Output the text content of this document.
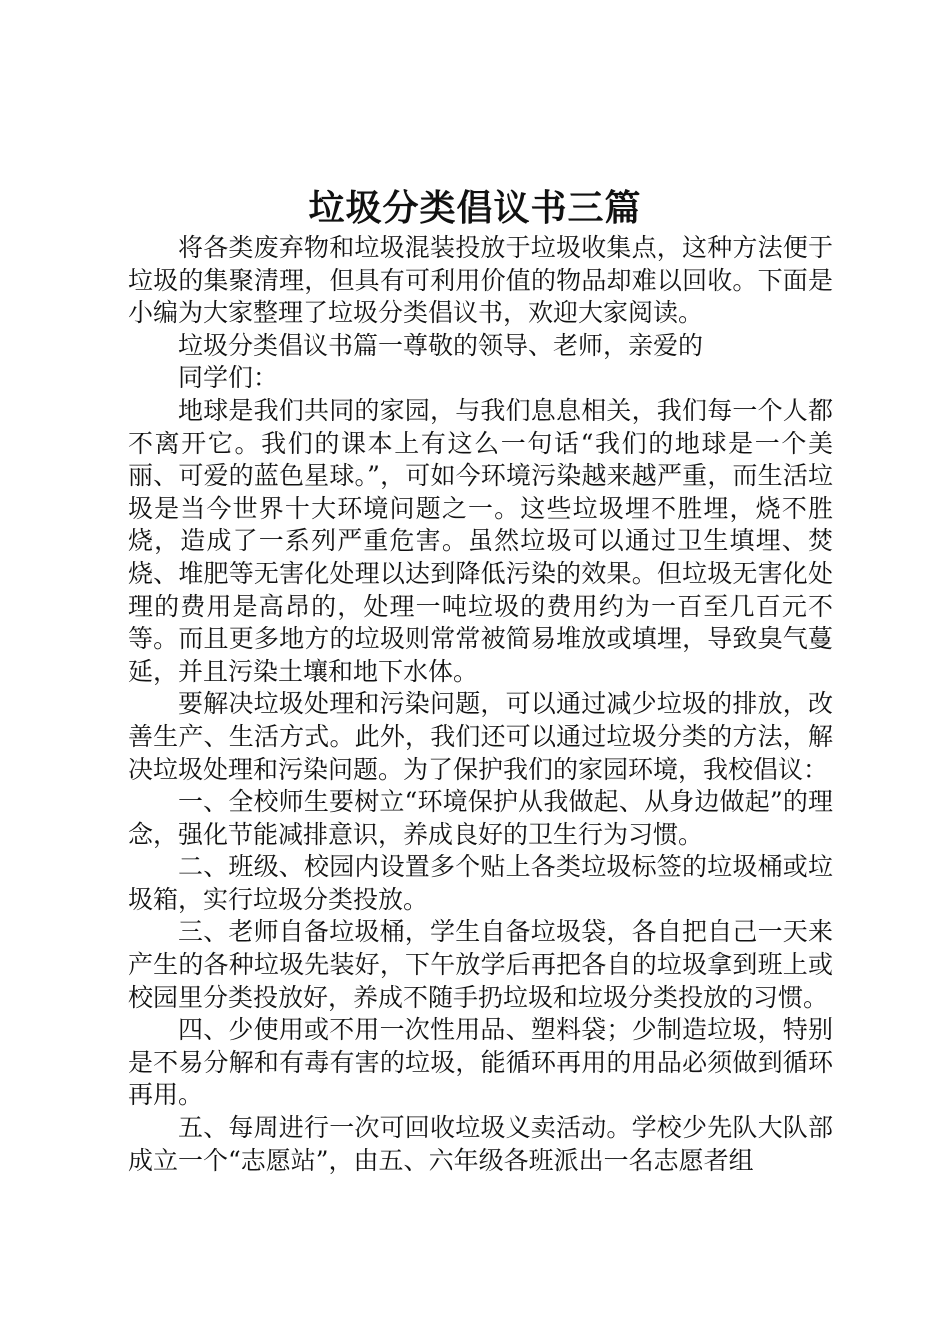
垃圾分类倡议书三篇

将各类废弃物和垃圾混装投放于垃圾收集点，这种方法便于垃圾的集聚清理，但具有可利用价值的物品却难以回收。下面是小编为大家整理了垃圾分类倡议书，欢迎大家阅读。

垃圾分类倡议书篇一尊敬的领导、老师，亲爱的

同学们：

地球是我们共同的家园，与我们息息相关，我们每一个人都不离开它。我们的课本上有这么一句话“我们的地球是一个美丽、可爱的蓝色星球。”，可如今环境污染越来越严重，而生活垃圾是当今世界十大环境问题之一。这些垃圾埋不胜埋，烧不胜烧，造成了一系列严重危害。虽然垃圾可以通过卫生填埋、焚烧、堆肥等无害化处理以达到降低污染的效果。但垃圾无害化处理的费用是高昂的，处理一吨垃圾的费用约为一百至几百元不等。而且更多地方的垃圾则常常被简易堆放或填埋，导致臭气蔓延，并且污染土壤和地下水体。

要解决垃圾处理和污染问题，可以通过减少垃圾的排放，改善生产、生活方式。此外，我们还可以通过垃圾分类的方法，解决垃圾处理和污染问题。为了保护我们的家园环境，我校倡议：

一、全校师生要树立“环境保护从我做起、从身边做起”的理念，强化节能减排意识，养成良好的卫生行为习惯。

二、班级、校园内设置多个贴上各类垃圾标签的垃圾桶或垃圾箱，实行垃圾分类投放。

三、老师自备垃圾桶，学生自备垃圾袋，各自把自己一天来产生的各种垃圾先装好，下午放学后再把各自的垃圾拿到班上或校园里分类投放好，养成不随手扔垃圾和垃圾分类投放的习惯。

四、少使用或不用一次性用品、塑料袋；少制造垃圾，特别是不易分解和有毒有害的垃圾，能循环再用的用品必须做到循环再用。

五、每周进行一次可回收垃圾义卖活动。学校少先队大队部成立一个“志愿站”，由五、六年级各班派出一名志愿者组
